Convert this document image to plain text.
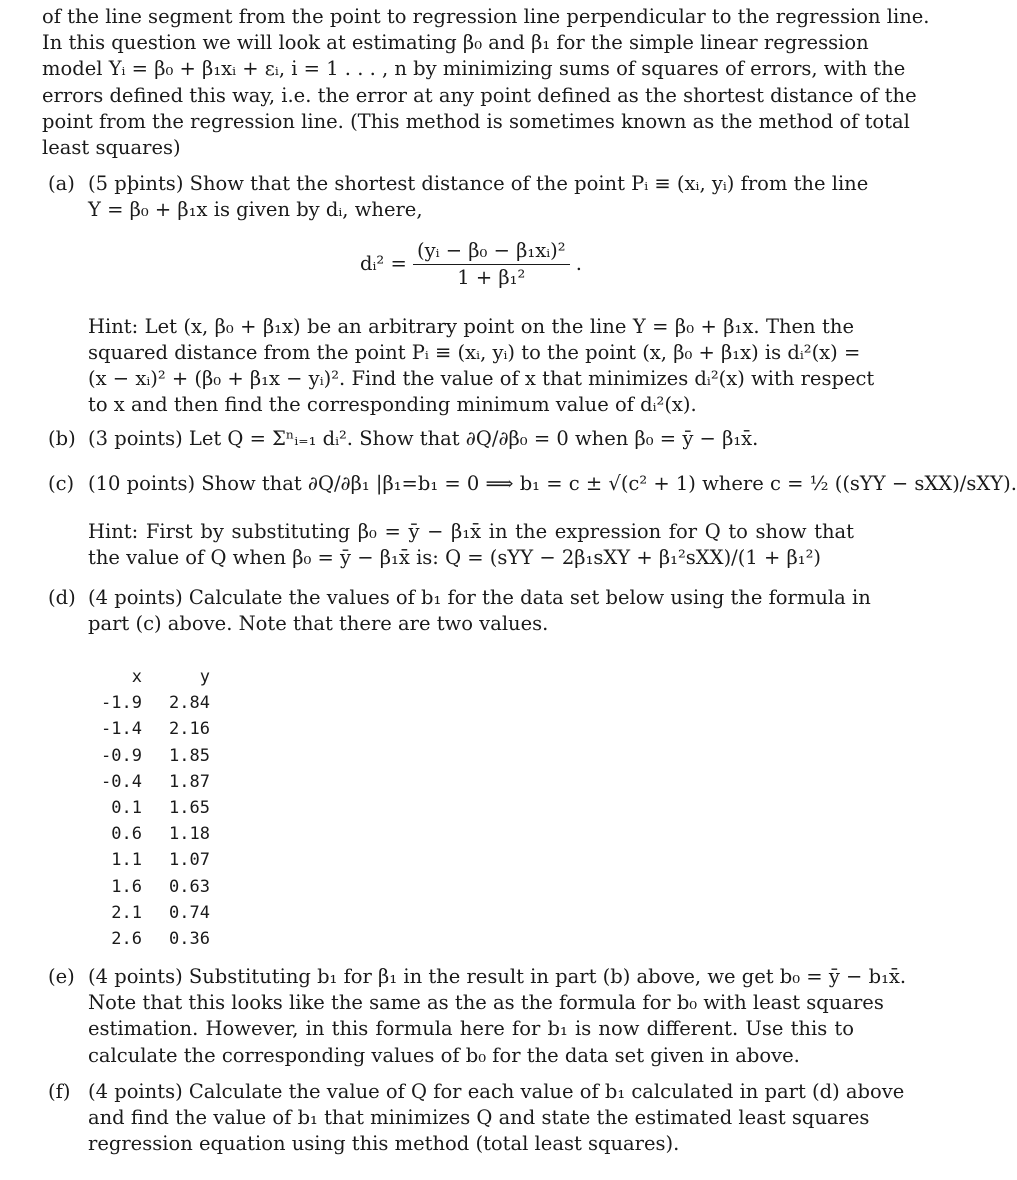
of the line segment from the point to regression line perpendicular to the regression line.
In this question we will look at estimating β₀ and β₁ for the simple linear regression
model Yᵢ = β₀ + β₁xᵢ + εᵢ, i = 1 . . . , n by minimizing sums of squares of errors, with the
errors defined this way, i.e. the error at any point defined as the shortest distance of the
point from the regression line. (This method is sometimes known as the method of total
least squares)
(a) (5 pþints) Show that the shortest distance of the point Pᵢ ≡ (xᵢ, yᵢ) from the line
Y = β₀ + β₁x is given by dᵢ, where,
dᵢ² = $\frac{\text{(yᵢ − β₀ − β₁xᵢ)²}}{\text{1 + β₁²}}$ .
Hint: Let (x, β₀ + β₁x) be an arbitrary point on the line Y = β₀ + β₁x. Then the
squared distance from the point Pᵢ ≡ (xᵢ, yᵢ) to the point (x, β₀ + β₁x) is dᵢ²(x) =
(x − xᵢ)² + (β₀ + β₁x − yᵢ)². Find the value of x that minimizes dᵢ²(x) with respect
to x and then find the corresponding minimum value of dᵢ²(x).
(b) (3 points) Let Q = Σⁿᵢ₌₁ dᵢ². Show that ∂Q/∂β₀ = 0 when β₀ = ȳ − β₁x̄.
(c) (10 points) Show that ∂Q/∂β₁ |β₁=b₁ = 0 ⟹ b₁ = c ± √(c² + 1) where c = ½ ((sYY − sXX)/sXY).
Hint: First by substituting β₀ = ȳ − β₁x̄ in the expression for Q to show that
the value of Q when β₀ = ȳ − β₁x̄ is: Q = (sYY − 2β₁sXY + β₁²sXX)/(1 + β₁²)
(d) (4 points) Calculate the values of b₁ for the data set below using the formula in
part (c) above. Note that there are two values.
x	y
-1.9 2.84
-1.4 2.16
-0.9 1.85
-0.4 1.87
0.1 1.65
0.6 1.18
1.1 1.07
1.6 0.63
2.1 0.74
2.6 0.36
(e) (4 points) Substituting b₁ for β₁ in the result in part (b) above, we get b₀ = ȳ − b₁x̄.
Note that this looks like the same as the as the formula for b₀ with least squares
estimation. However, in this formula here for b₁ is now different. Use this to
calculate the corresponding values of b₀ for the data set given in above.
(f) (4 points) Calculate the value of Q for each value of b₁ calculated in part (d) above
and find the value of b₁ that minimizes Q and state the estimated least squares
regression equation using this method (total least squares).
